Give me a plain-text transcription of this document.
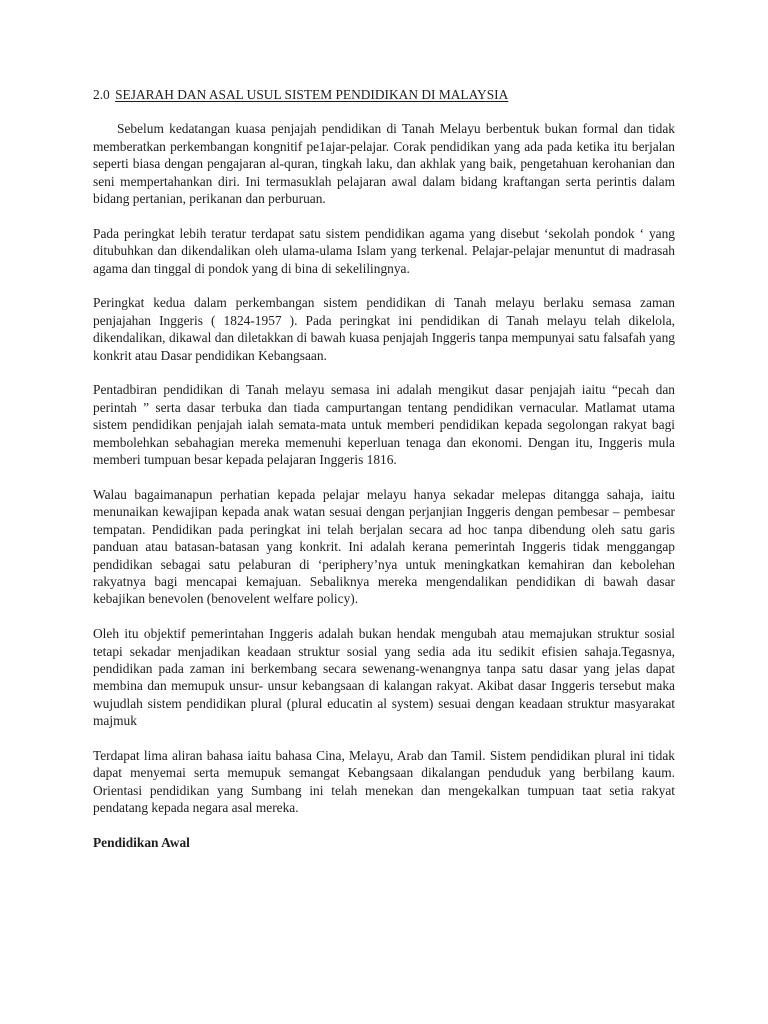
2.0 SEJARAH DAN ASAL USUL SISTEM PENDIDIKAN DI MALAYSIA

Sebelum kedatangan kuasa penjajah pendidikan di Tanah Melayu berbentuk bukan formal dan tidak memberatkan perkembangan kongnitif pe1ajar-pelajar. Corak pendidikan yang ada pada ketika itu berjalan seperti biasa dengan pengajaran al-quran, tingkah laku, dan akhlak yang baik, pengetahuan kerohanian dan seni mempertahankan diri. Ini termasuklah pelajaran awal dalam bidang kraftangan serta perintis dalam bidang pertanian, perikanan dan perburuan.

Pada peringkat lebih teratur terdapat satu sistem pendidikan agama yang disebut ‘sekolah pondok ‘ yang ditubuhkan dan dikendalikan oleh ulama-ulama Islam yang terkenal. Pelajar-pelajar menuntut di madrasah agama dan tinggal di pondok yang di bina di sekelilingnya.

Peringkat kedua dalam perkembangan sistem pendidikan di Tanah melayu berlaku semasa zaman penjajahan Inggeris ( 1824-1957 ). Pada peringkat ini pendidikan di Tanah melayu telah dikelola, dikendalikan, dikawal dan diletakkan di bawah kuasa penjajah Inggeris tanpa mempunyai satu falsafah yang konkrit atau Dasar pendidikan Kebangsaan.

Pentadbiran pendidikan di Tanah melayu semasa ini adalah mengikut dasar penjajah iaitu “pecah dan perintah ” serta dasar terbuka dan tiada campurtangan tentang pendidikan vernacular. Matlamat utama sistem pendidikan penjajah ialah semata-mata untuk memberi pendidikan kepada segolongan rakyat bagi membolehkan sebahagian mereka memenuhi keperluan tenaga dan ekonomi. Dengan itu, Inggeris mula memberi tumpuan besar kepada pelajaran Inggeris 1816.

Walau bagaimanapun perhatian kepada pelajar melayu hanya sekadar melepas ditangga sahaja, iaitu menunaikan kewajipan kepada anak watan sesuai dengan perjanjian Inggeris dengan pembesar – pembesar tempatan. Pendidikan pada peringkat ini telah berjalan secara ad hoc tanpa dibendung oleh satu garis panduan atau batasan-batasan yang konkrit. Ini adalah kerana pemerintah Inggeris tidak menggangap pendidikan sebagai satu pelaburan di ‘periphery’nya untuk meningkatkan kemahiran dan kebolehan rakyatnya bagi mencapai kemajuan. Sebaliknya mereka mengendalikan pendidikan di bawah dasar kebajikan benevolen (benovelent welfare policy).

Oleh itu objektif pemerintahan Inggeris adalah bukan hendak mengubah atau memajukan struktur sosial tetapi sekadar menjadikan keadaan struktur sosial yang sedia ada itu sedikit efisien sahaja.Tegasnya, pendidikan pada zaman ini berkembang secara sewenang-wenangnya tanpa satu dasar yang jelas dapat membina dan memupuk unsur- unsur kebangsaan di kalangan rakyat. Akibat dasar Inggeris tersebut maka wujudlah sistem pendidikan plural (plural educatin al system) sesuai dengan keadaan struktur masyarakat majmuk

Terdapat lima aliran bahasa iaitu bahasa Cina, Melayu, Arab dan Tamil. Sistem pendidikan plural ini tidak dapat menyemai serta memupuk semangat Kebangsaan dikalangan penduduk yang berbilang kaum. Orientasi pendidikan yang Sumbang ini telah menekan dan mengekalkan tumpuan taat setia rakyat pendatang kepada negara asal mereka.

Pendidikan Awal
